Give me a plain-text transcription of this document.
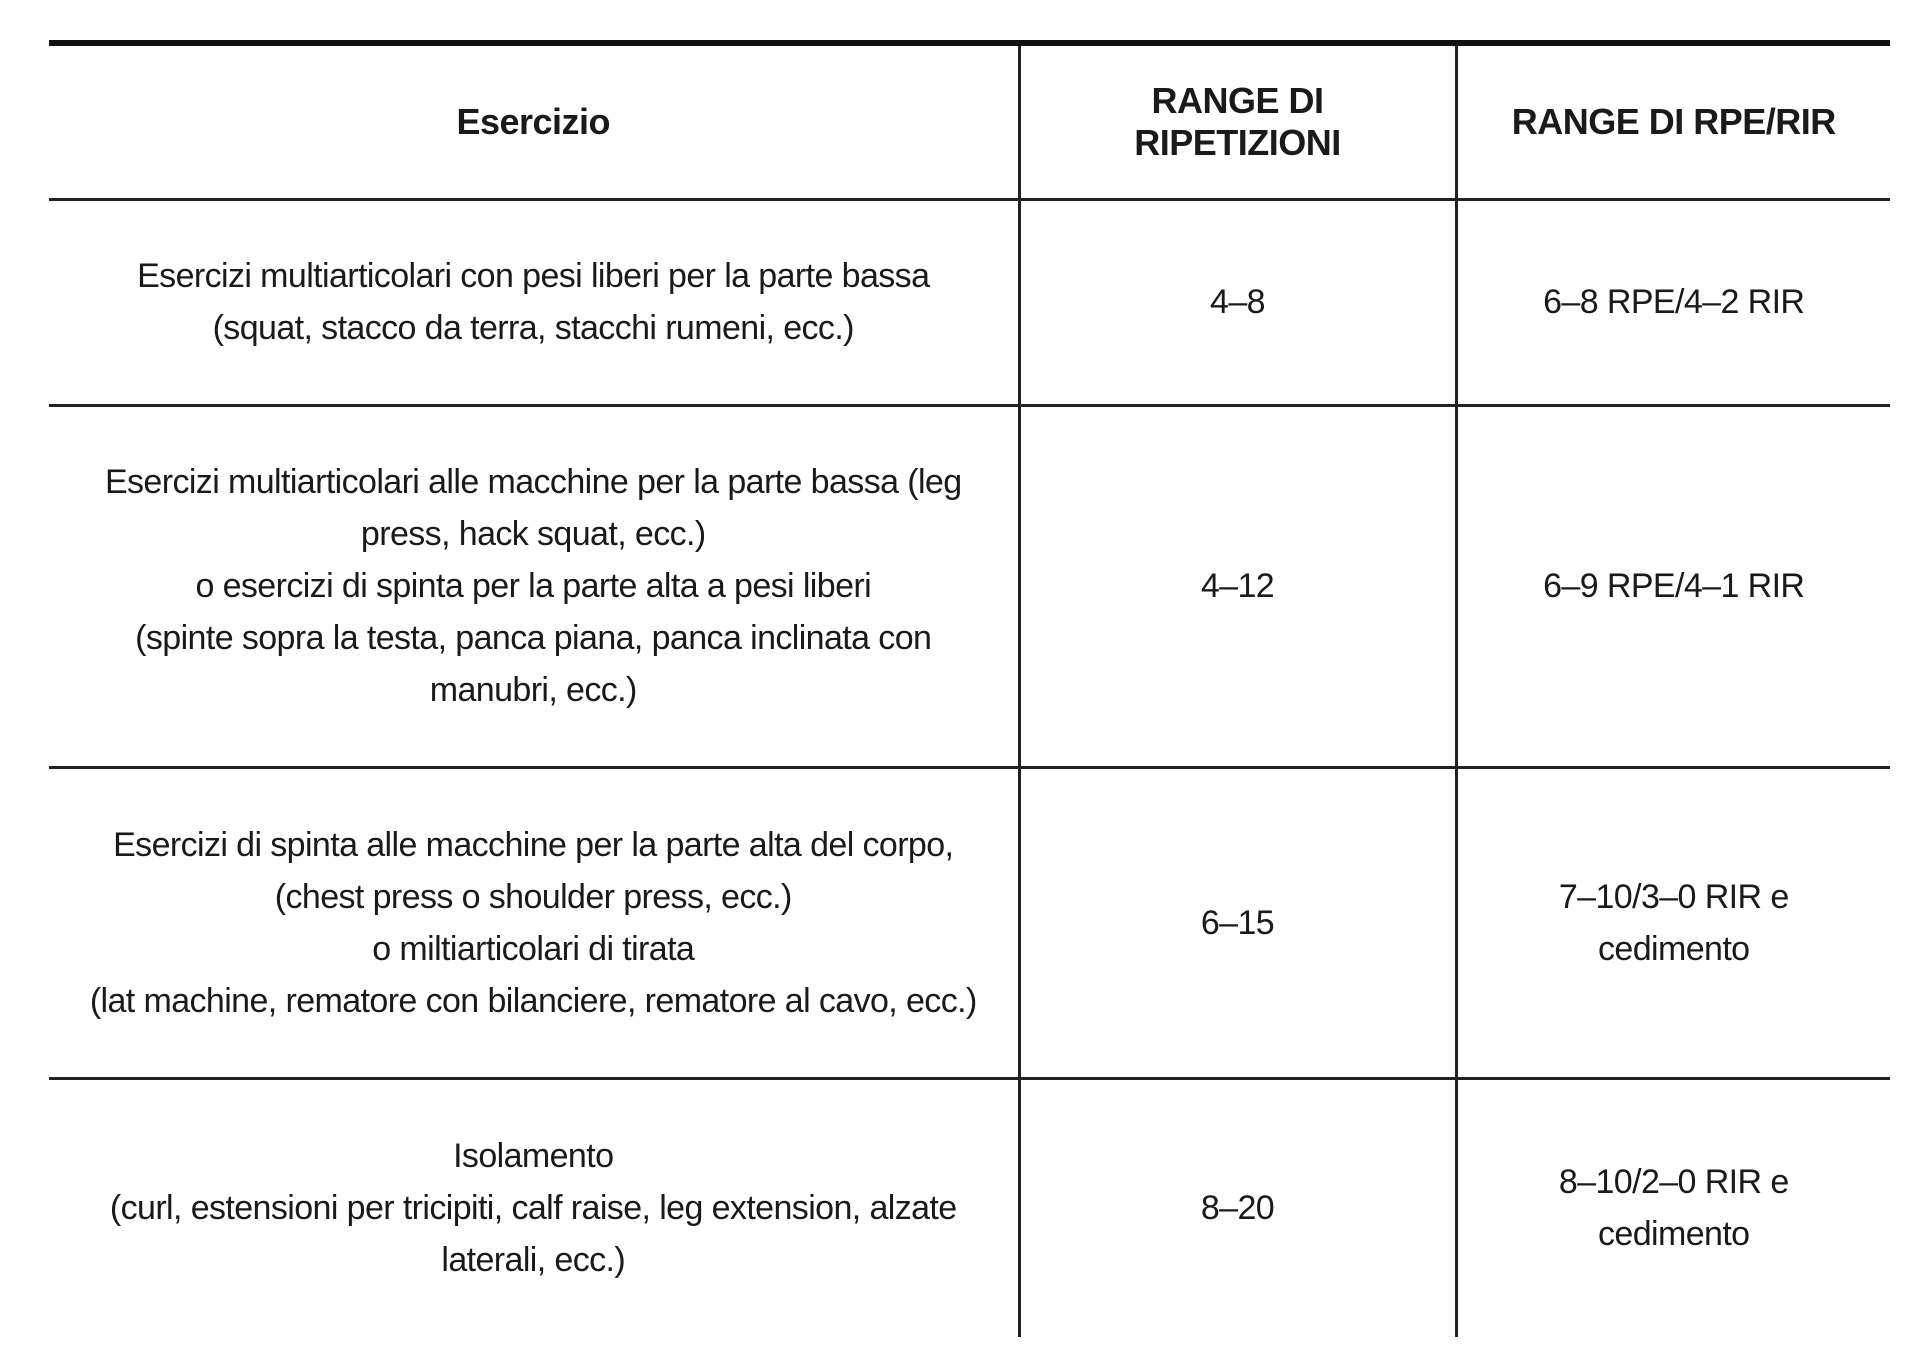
Esercizio	RANGE DI RIPETIZIONI	RANGE DI RPE/RIR

Esercizi multiarticolari con pesi liberi per la parte bassa
(squat, stacco da terra, stacchi rumeni, ecc.)	4–8	6–8 RPE/4–2 RIR

Esercizi multiarticolari alle macchine per la parte bassa (leg
press, hack squat, ecc.)
o esercizi di spinta per la parte alta a pesi liberi
(spinte sopra la testa, panca piana, panca inclinata con
manubri, ecc.)	4–12	6–9 RPE/4–1 RIR

Esercizi di spinta alle macchine per la parte alta del corpo,
(chest press o shoulder press, ecc.)
o miltiarticolari di tirata
(lat machine, rematore con bilanciere, rematore al cavo, ecc.)	6–15	7–10/3–0 RIR e cedimento

Isolamento
(curl, estensioni per tricipiti, calf raise, leg extension, alzate
laterali, ecc.)	8–20	8–10/2–0 RIR e cedimento
